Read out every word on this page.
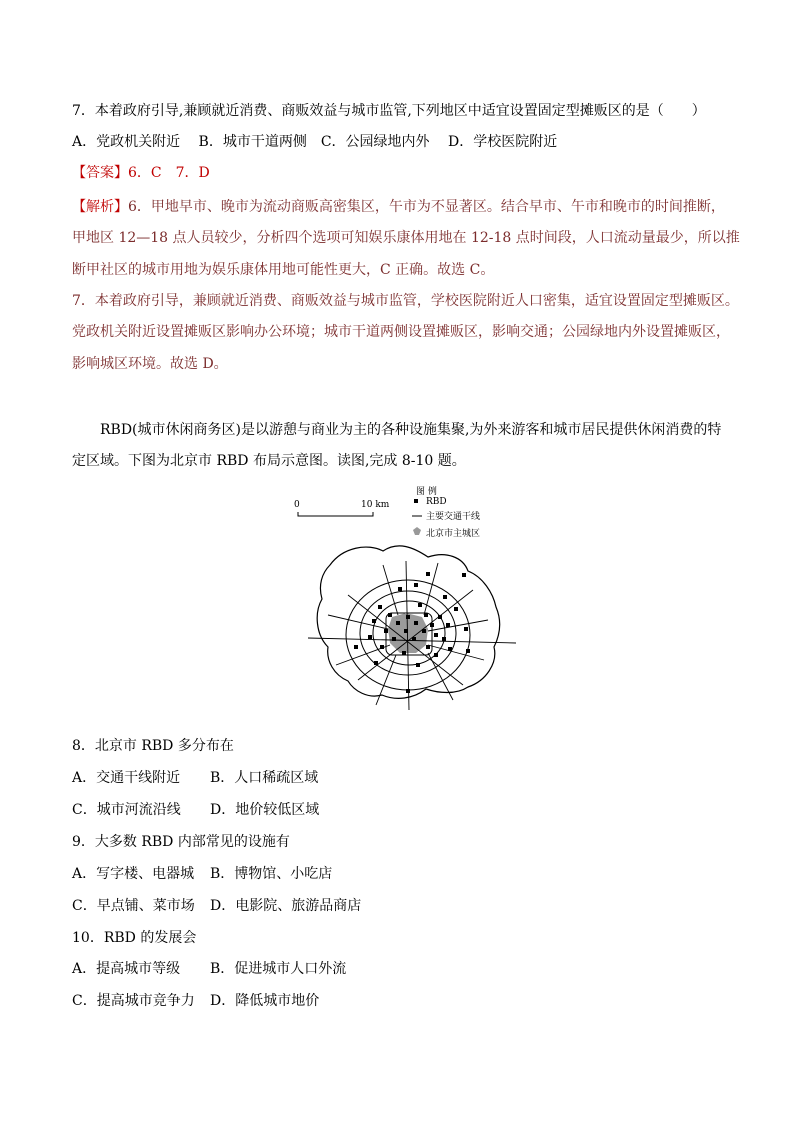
7．本着政府引导,兼顾就近消费、商贩效益与城市监管,下列地区中适宜设置固定型摊贩区的是（　　）
A．党政机关附近　 B．城市干道两侧　C．公园绿地内外　 D．学校医院附近
【答案】6．C　7．D
【解析】6．甲地早市、晚市为流动商贩高密集区，午市为不显著区。结合早市、午市和晚市的时间推断，
甲地区 12—18 点人员较少，分析四个选项可知娱乐康体用地在 12-18 点时间段，人口流动量最少，所以推
断甲社区的城市用地为娱乐康体用地可能性更大，C 正确。故选 C。
7．本着政府引导，兼顾就近消费、商贩效益与城市监管，学校医院附近人口密集，适宜设置固定型摊贩区。
党政机关附近设置摊贩区影响办公环境；城市干道两侧设置摊贩区，影响交通；公园绿地内外设置摊贩区，
影响城区环境。故选 D。
RBD(城市休闲商务区)是以游憩与商业为主的各种设施集聚,为外来游客和城市居民提供休闲消费的特
定区域。下图为北京市 RBD 布局示意图。读图,完成 8-10 题。
0	10 km
图 例
RBD
主要交通干线
北京市主城区
8．北京市 RBD 多分布在
A．交通干线附近 B．人口稀疏区域
C．城市河流沿线 D．地价较低区域
9．大多数 RBD 内部常见的设施有
A．写字楼、电器城 B．博物馆、小吃店
C．早点铺、菜市场 D．电影院、旅游品商店
10．RBD 的发展会
A．提高城市等级 B．促进城市人口外流
C．提高城市竞争力 D．降低城市地价
